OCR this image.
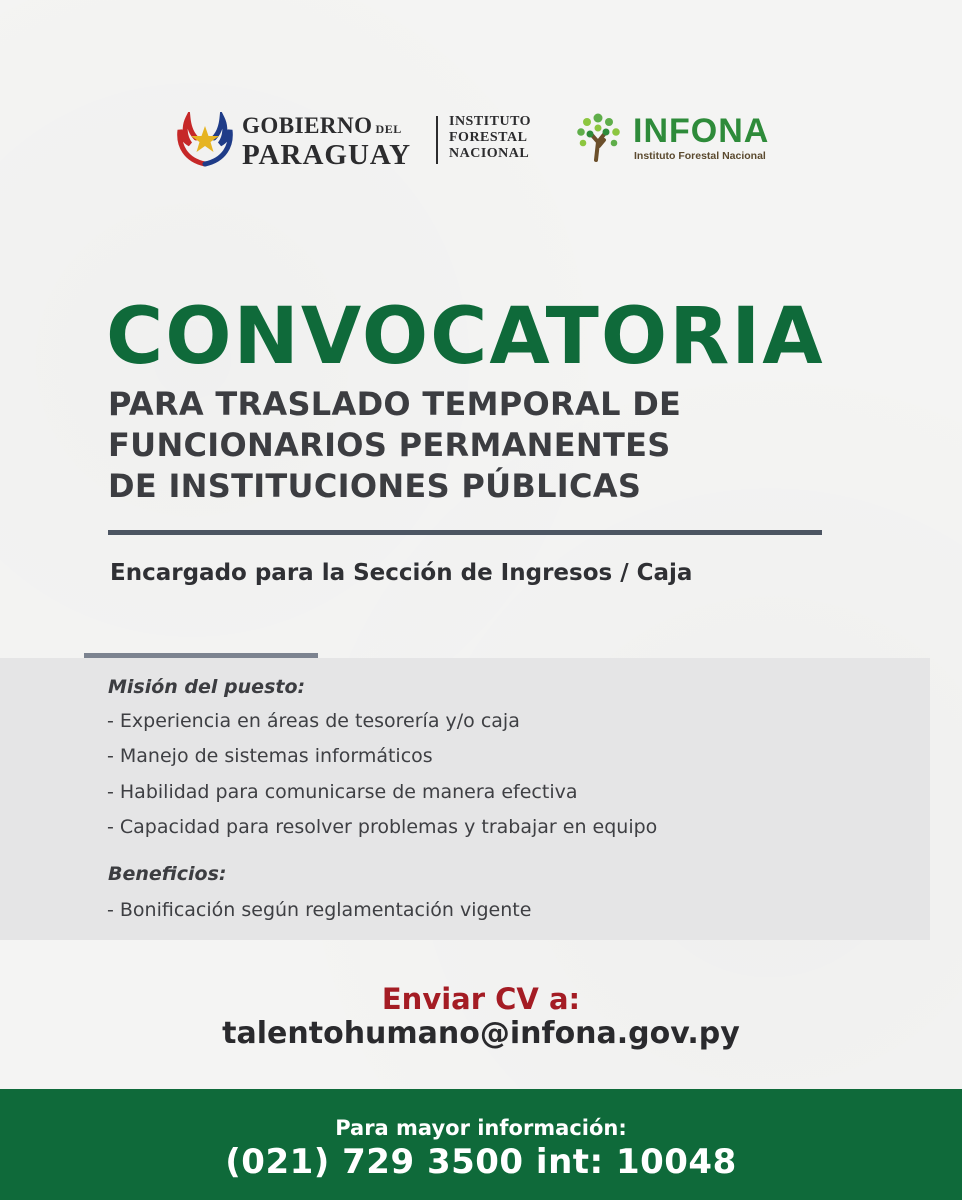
GOBIERNO DEL
PARAGUAY
INSTITUTO
FORESTAL
NACIONAL
INFONA
Instituto Forestal Nacional
CONVOCATORIA
PARA TRASLADO TEMPORAL DE
FUNCIONARIOS PERMANENTES
DE INSTITUCIONES PÚBLICAS
Encargado para la Sección de Ingresos / Caja
Misión del puesto:
- Experiencia en áreas de tesorería y/o caja
- Manejo de sistemas informáticos
- Habilidad para comunicarse de manera efectiva
- Capacidad para resolver problemas y trabajar en equipo
Beneficios:
- Bonificación según reglamentación vigente
Enviar CV a:
talentohumano@infona.gov.py
Para mayor información:
(021) 729 3500 int: 10048
